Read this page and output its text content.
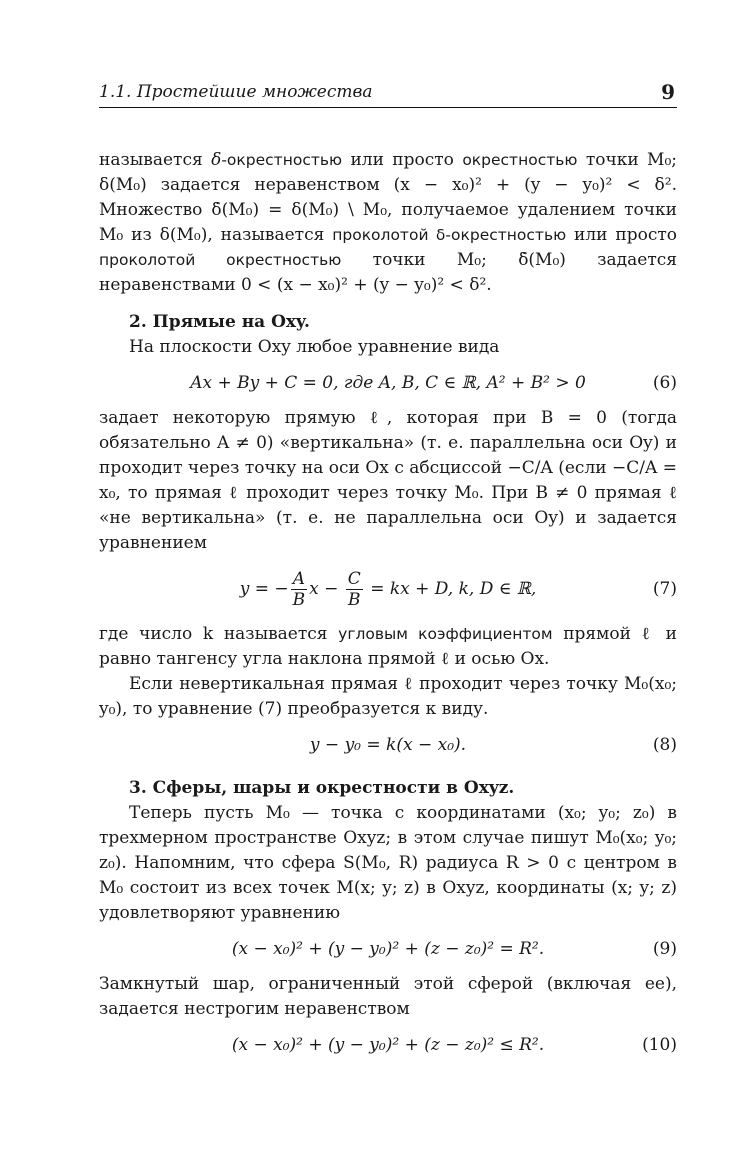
1.1. Простейшие множества	9

называется δ-окрестностью или просто окрестностью точки M₀; δ(M₀) задается неравенством (x − x₀)² + (y − y₀)² < δ². Множество δ̇(M₀) = δ(M₀) \ M₀, получаемое удалением точки M₀ из δ(M₀), называется проколотой δ-окрестностью или просто проколотой окрестностью точки M₀; δ̇(M₀) задается неравенствами 0 < (x − x₀)² + (y − y₀)² < δ².

2. Прямые на Oxy.

На плоскости Oxy любое уравнение вида

Ax + By + C = 0, где A, B, C ∈ ℝ, A² + B² > 0	(6)

задает некоторую прямую ℓ, которая при B = 0 (тогда обязательно A ≠ 0) «вертикальна» (т. е. параллельна оси Oy) и проходит через точку на оси Ox с абсциссой −C/A (если −C/A = x₀, то прямая ℓ проходит через точку M₀. При B ≠ 0 прямая ℓ «не вертикальна» (т. е. не параллельна оси Oy) и задается уравнением

y = − $\frac{A}{B}$ $x - \frac{C}{B}$ = kx + D, k, D ∈ ℝ,	(7)

где число k называется угловым коэффициентом прямой ℓ и равно тангенсу угла наклона прямой ℓ и осью Ox.

Если невертикальная прямая ℓ проходит через точку M₀(x₀; y₀), то уравнение (7) преобразуется к виду.

y − y₀ = k(x − x₀).	(8)
3. Сферы, шары и окрестности в Oxyz.

Теперь пусть M₀ — точка с координатами (x₀; y₀; z₀) в трехмерном пространстве Oxyz; в этом случае пишут M₀(x₀; y₀; z₀). Напомним, что сфера S(M₀, R) радиуса R > 0 с центром в M₀ состоит из всех точек M(x; y; z) в Oxyz, координаты (x; y; z) удовлетворяют уравнению

(x − x₀)² + (y − y₀)² + (z − z₀)² = R².	(9)

Замкнутый шар, ограниченный этой сферой (включая ее), задается нестрогим неравенством

(x − x₀)² + (y − y₀)² + (z − z₀)² ≤ R².	(10)
